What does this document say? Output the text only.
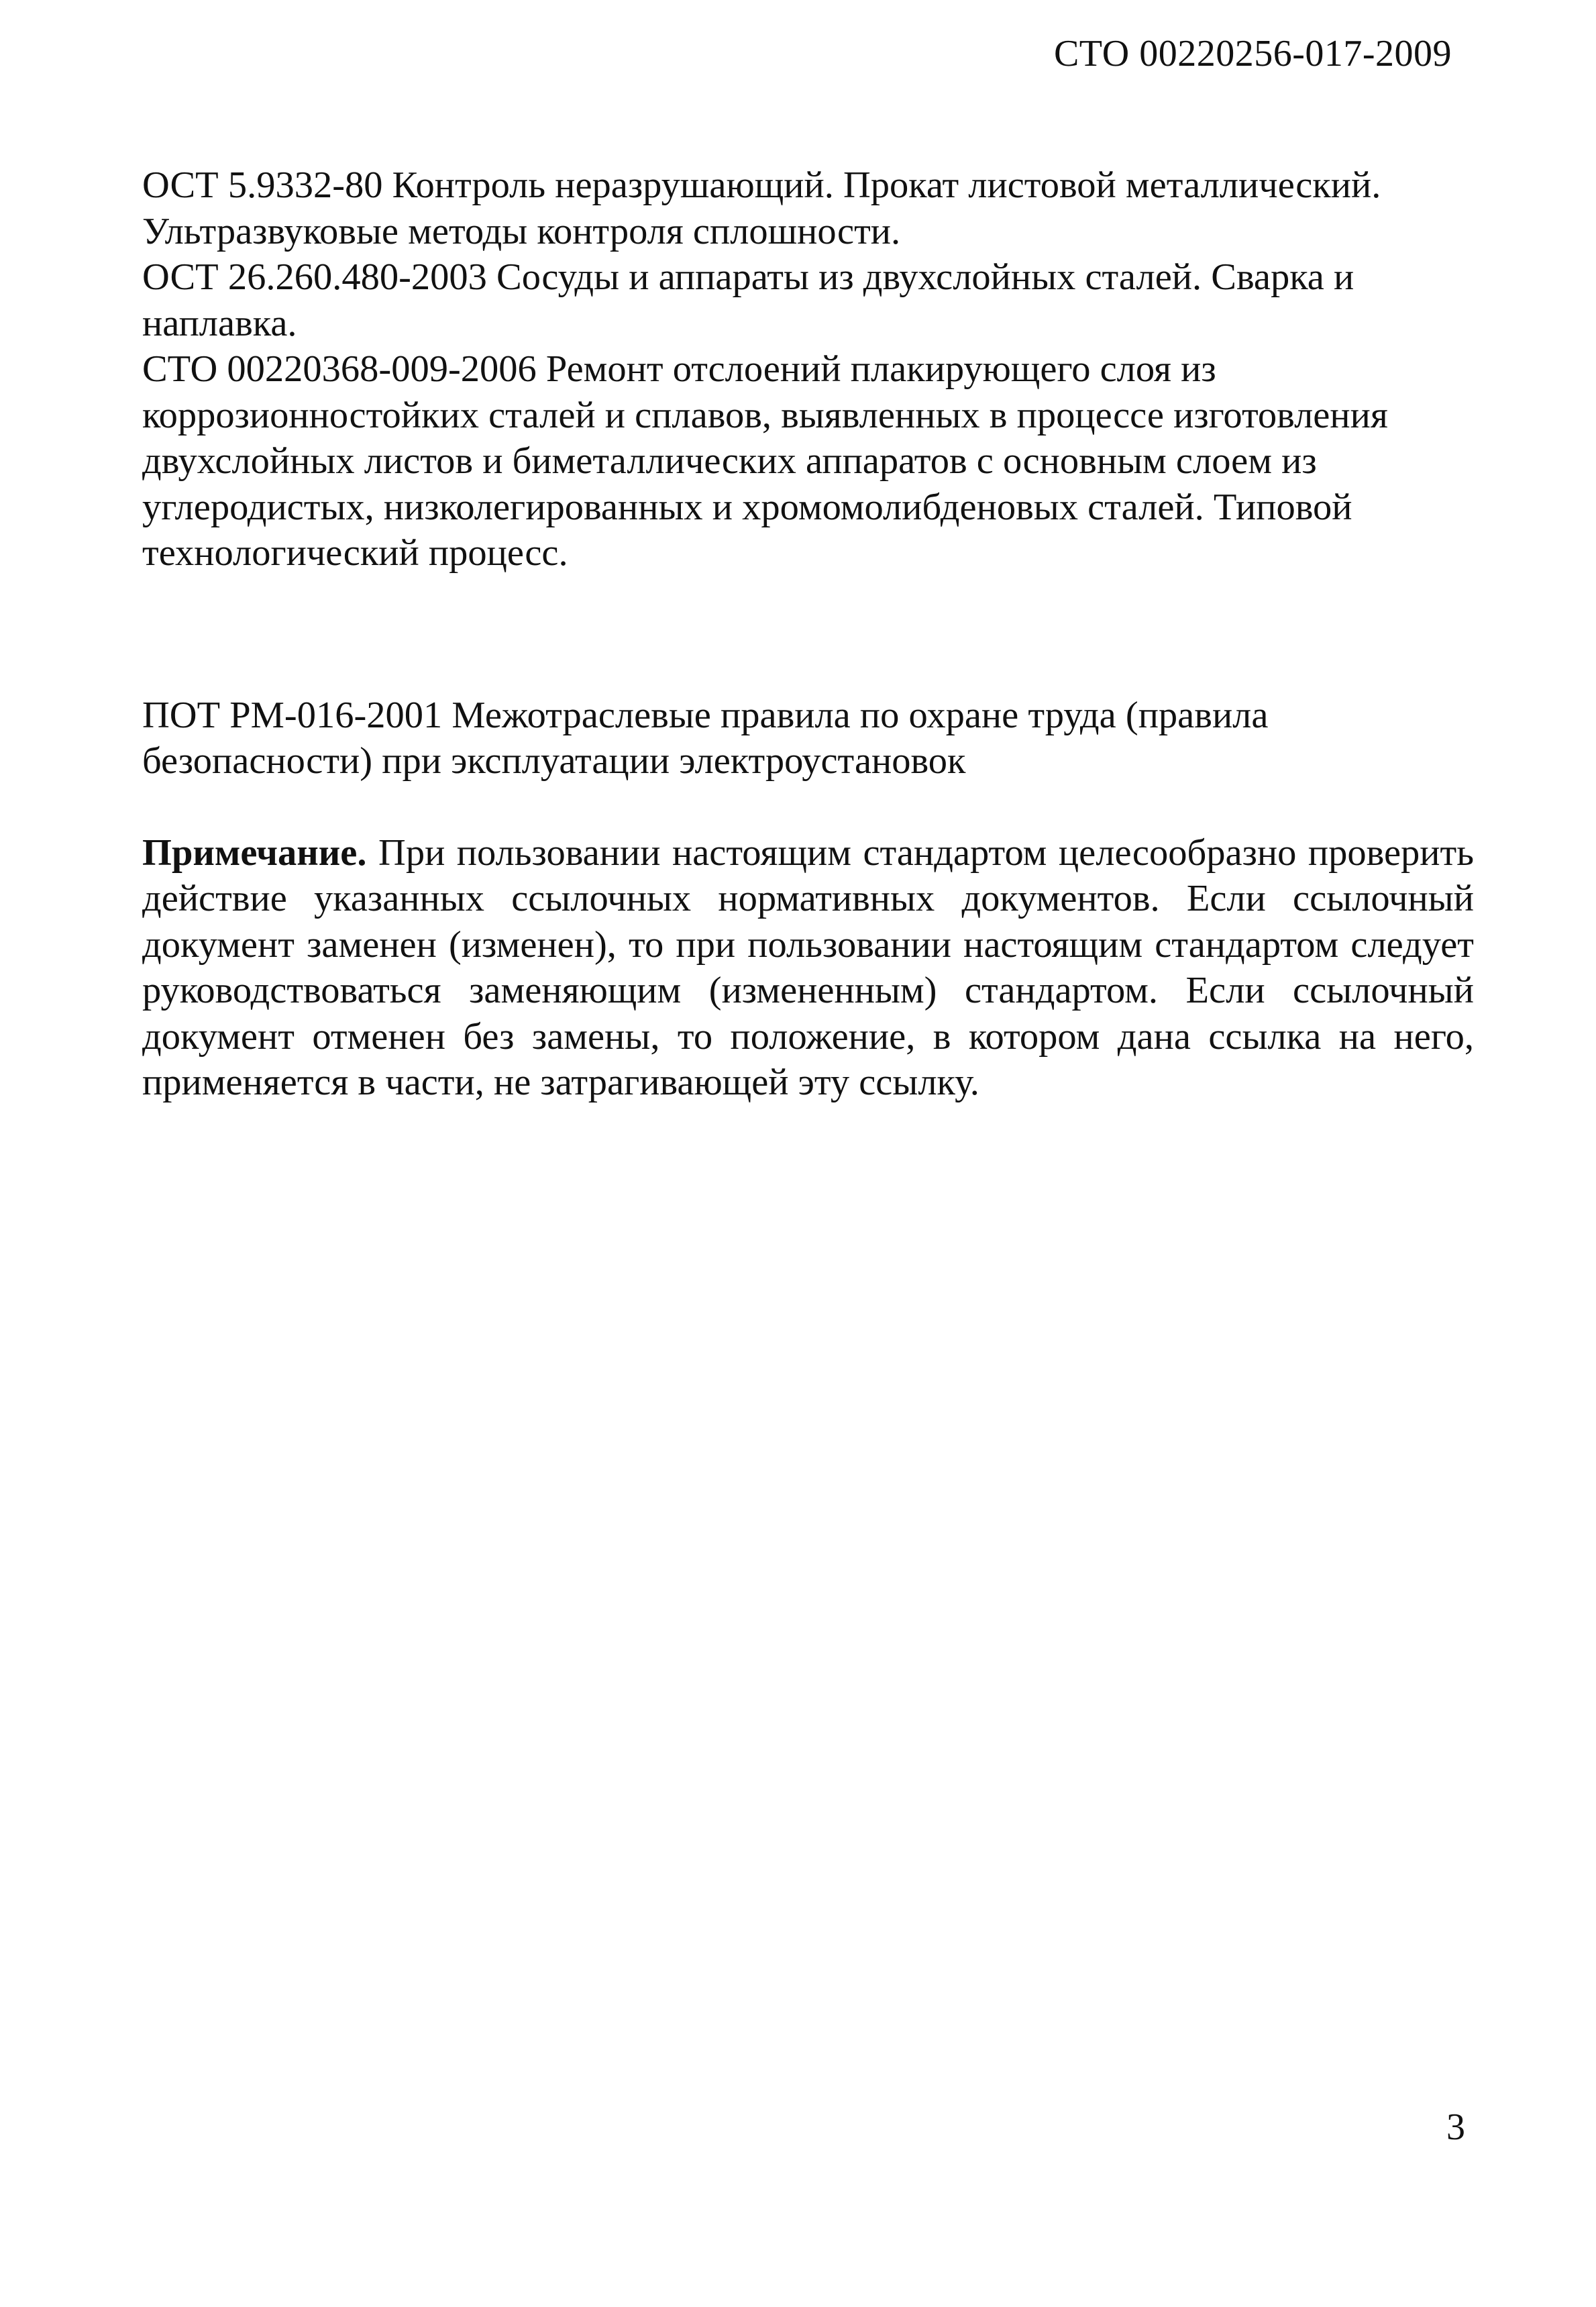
СТО 00220256-017-2009

ОСТ 5.9332-80 Контроль неразрушающий. Прокат листовой металлический. Ультразвуковые методы контроля сплошности.

ОСТ 26.260.480-2003 Сосуды и аппараты из двухслойных сталей. Сварка и наплавка.

СТО 00220368-009-2006 Ремонт отслоений плакирующего слоя из коррозионностойких сталей и сплавов, выявленных в процессе изготовления двухслойных листов и биметаллических аппаратов с основным слоем из углеродистых, низколегированных и хромомолибденовых сталей. Типовой технологический процесс.

ПОТ РМ-016-2001 Межотраслевые правила по охране труда (правила безопасности) при эксплуатации электроустановок

Примечание. При пользовании настоящим стандартом целесообразно проверить действие указанных ссылочных нормативных документов. Если ссылочный документ заменен (изменен), то при пользовании настоящим стандартом следует руководствоваться заменяющим (измененным) стандартом. Если ссылочный документ отменен без замены, то положение, в котором дана ссылка на него, применяется в части, не затрагивающей эту ссылку.

3
